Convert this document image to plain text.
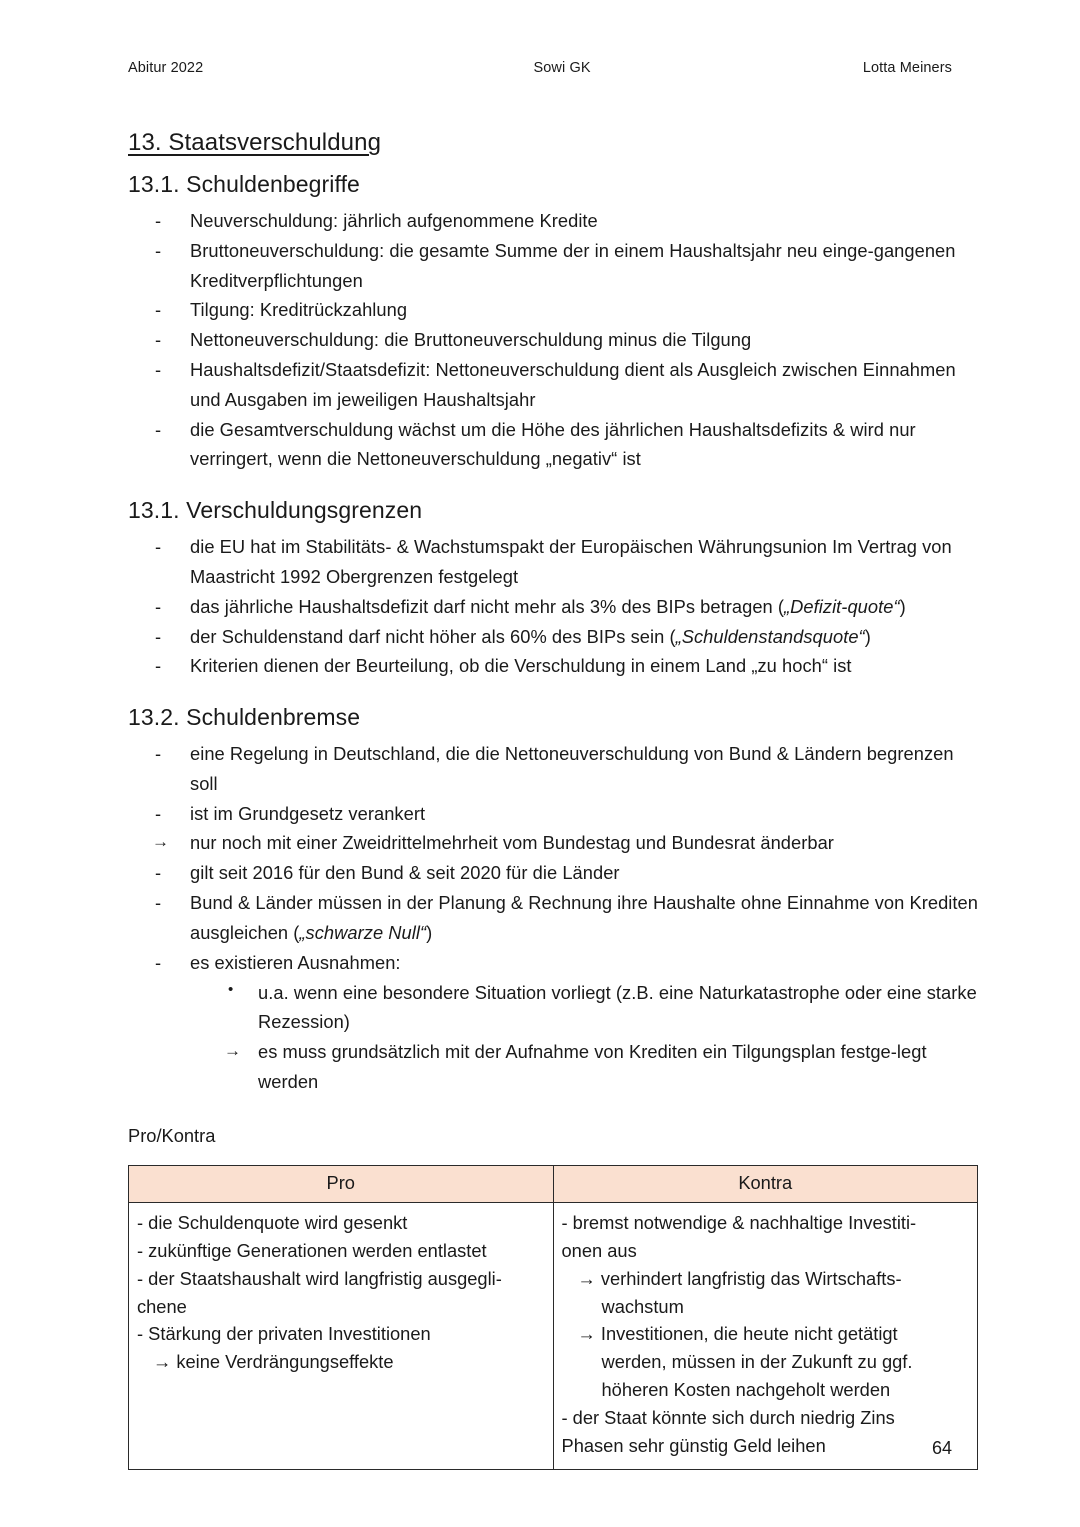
Abitur 2022	Sowi GK	Lotta Meiners
13. Staatsverschuldung
13.1. Schuldenbegriffe
-	Neuverschuldung: jährlich aufgenommene Kredite
-	Bruttoneuverschuldung: die gesamte Summe der in einem Haushaltsjahr neu einge-gangenen Kreditverpflichtungen
-	Tilgung: Kreditrückzahlung
-	Nettoneuverschuldung: die Bruttoneuverschuldung minus die Tilgung
-	Haushaltsdefizit/Staatsdefizit: Nettoneuverschuldung dient als Ausgleich zwischen Einnahmen und Ausgaben im jeweiligen Haushaltsjahr
-	die Gesamtverschuldung wächst um die Höhe des jährlichen Haushaltsdefizits & wird nur verringert, wenn die Nettoneuverschuldung „negativ“ ist
13.1. Verschuldungsgrenzen
-	die EU hat im Stabilitäts- & Wachstumspakt der Europäischen Währungsunion Im Vertrag von Maastricht 1992 Obergrenzen festgelegt
-	das jährliche Haushaltsdefizit darf nicht mehr als 3% des BIPs betragen („Defizit-quote“)
-	der Schuldenstand darf nicht höher als 60% des BIPs sein („Schuldenstandsquote“)
-	Kriterien dienen der Beurteilung, ob die Verschuldung in einem Land „zu hoch“ ist
13.2. Schuldenbremse
-	eine Regelung in Deutschland, die die Nettoneuverschuldung von Bund & Ländern begrenzen soll
-	ist im Grundgesetz verankert
→ nur noch mit einer Zweidrittelmehrheit vom Bundestag und Bundesrat änderbar
-	gilt seit 2016 für den Bund & seit 2020 für die Länder
-	Bund & Länder müssen in der Planung & Rechnung ihre Haushalte ohne Einnahme von Krediten ausgleichen („schwarze Null“)
-	es existieren Ausnahmen:
• u.a. wenn eine besondere Situation vorliegt (z.B. eine Naturkatastrophe oder eine starke Rezession)
→ es muss grundsätzlich mit der Aufnahme von Krediten ein Tilgungsplan festge-legt werden
Pro/Kontra
Pro	Kontra

- die Schuldenquote wird gesenkt
- zukünftige Generationen werden entlastet
- der Staatshaushalt wird langfristig ausgegli-
chene
- Stärkung der privaten Investitionen
→ keine Verdrängungseffekte

- bremst notwendige & nachhaltige Investiti-
onen aus
→ verhindert langfristig das Wirtschafts-
wachstum
→ Investitionen, die heute nicht getätigt
werden, müssen in der Zukunft zu ggf.
höheren Kosten nachgeholt werden
- der Staat könnte sich durch niedrig Zins
Phasen sehr günstig Geld leihen	64
